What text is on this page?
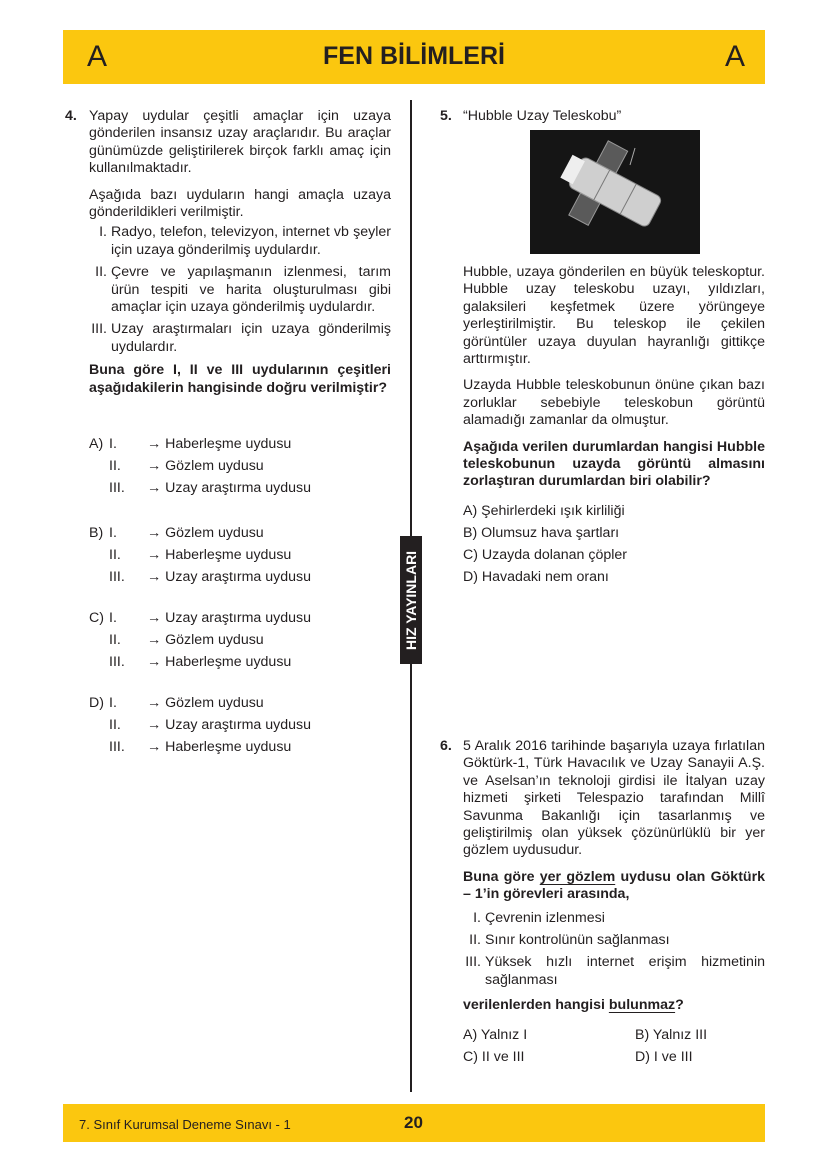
A	FEN BİLİMLERİ	A
HIZ YAYINLARI
4. Yapay uydular çeşitli amaçlar için uzaya gönderilen insansız uzay araçlarıdır. Bu araçlar günümüzde geliştirilerek birçok farklı amaç için kullanılmaktadır.

Aşağıda bazı uyduların hangi amaçla uzaya gönderildikleri verilmiştir.

I. Radyo, telefon, televizyon, internet vb şeyler için uzaya gönderilmiş uydulardır.
II. Çevre ve yapılaşmanın izlenmesi, tarım ürün tespiti ve harita oluşturulması gibi amaçlar için uzaya gönderilmiş uydulardır.
III. Uzay araştırmaları için uzaya gönderilmiş uydulardır.

Buna göre I, II ve III uydularının çeşitleri aşağıdakilerin hangisinde doğru verilmiştir?

A) I.	→ Haberleşme uydusu
II.	→ Gözlem uydusu
III.	→ Uzay araştırma uydusu
B) I.	→ Gözlem uydusu
II.	→ Haberleşme uydusu
III.	→ Uzay araştırma uydusu
C) I.	→ Uzay araştırma uydusu
II.	→ Gözlem uydusu
III.	→ Haberleşme uydusu
D) I.	→ Gözlem uydusu
II.	→ Uzay araştırma uydusu
III.	→ Haberleşme uydusu
5. “Hubble Uzay Teleskobu”

Hubble, uzaya gönderilen en büyük teleskoptur. Hubble uzay teleskobu uzayı, yıldızları, galaksileri keşfetmek üzere yörüngeye yerleştirilmiştir. Bu teleskop ile çekilen görüntüler uzaya duyulan hayranlığı gittikçe arttırmıştır.

Uzayda Hubble teleskobunun önüne çıkan bazı zorluklar sebebiyle teleskobun görüntü alamadığı zamanlar da olmuştur.

Aşağıda verilen durumlardan hangisi Hubble teleskobunun uzayda görüntü almasını zorlaştıran durumlardan biri olabilir?

A) Şehirlerdeki ışık kirliliği
B) Olumsuz hava şartları
C) Uzayda dolanan çöpler
D) Havadaki nem oranı
6. 5 Aralık 2016 tarihinde başarıyla uzaya fırlatılan Göktürk-1, Türk Havacılık ve Uzay Sanayii A.Ş. ve Aselsan’ın teknoloji girdisi ile İtalyan uzay hizmeti şirketi Telespazio tarafından Millî Savunma Bakanlığı için tasarlanmış ve geliştirilmiş olan yüksek çözünürlüklü bir yer gözlem uydusudur.

Buna göre yer gözlem uydusu olan Göktürk – 1’in görevleri arasında,

I. Çevrenin izlenmesi
II. Sınır kontrolünün sağlanması
III. Yüksek hızlı internet erişim hizmetinin sağlanması

verilenlerden hangisi bulunmaz?

A) Yalnız I	B) Yalnız III
C) II ve III	D) I ve III
7. Sınıf Kurumsal Deneme Sınavı - 1	20
